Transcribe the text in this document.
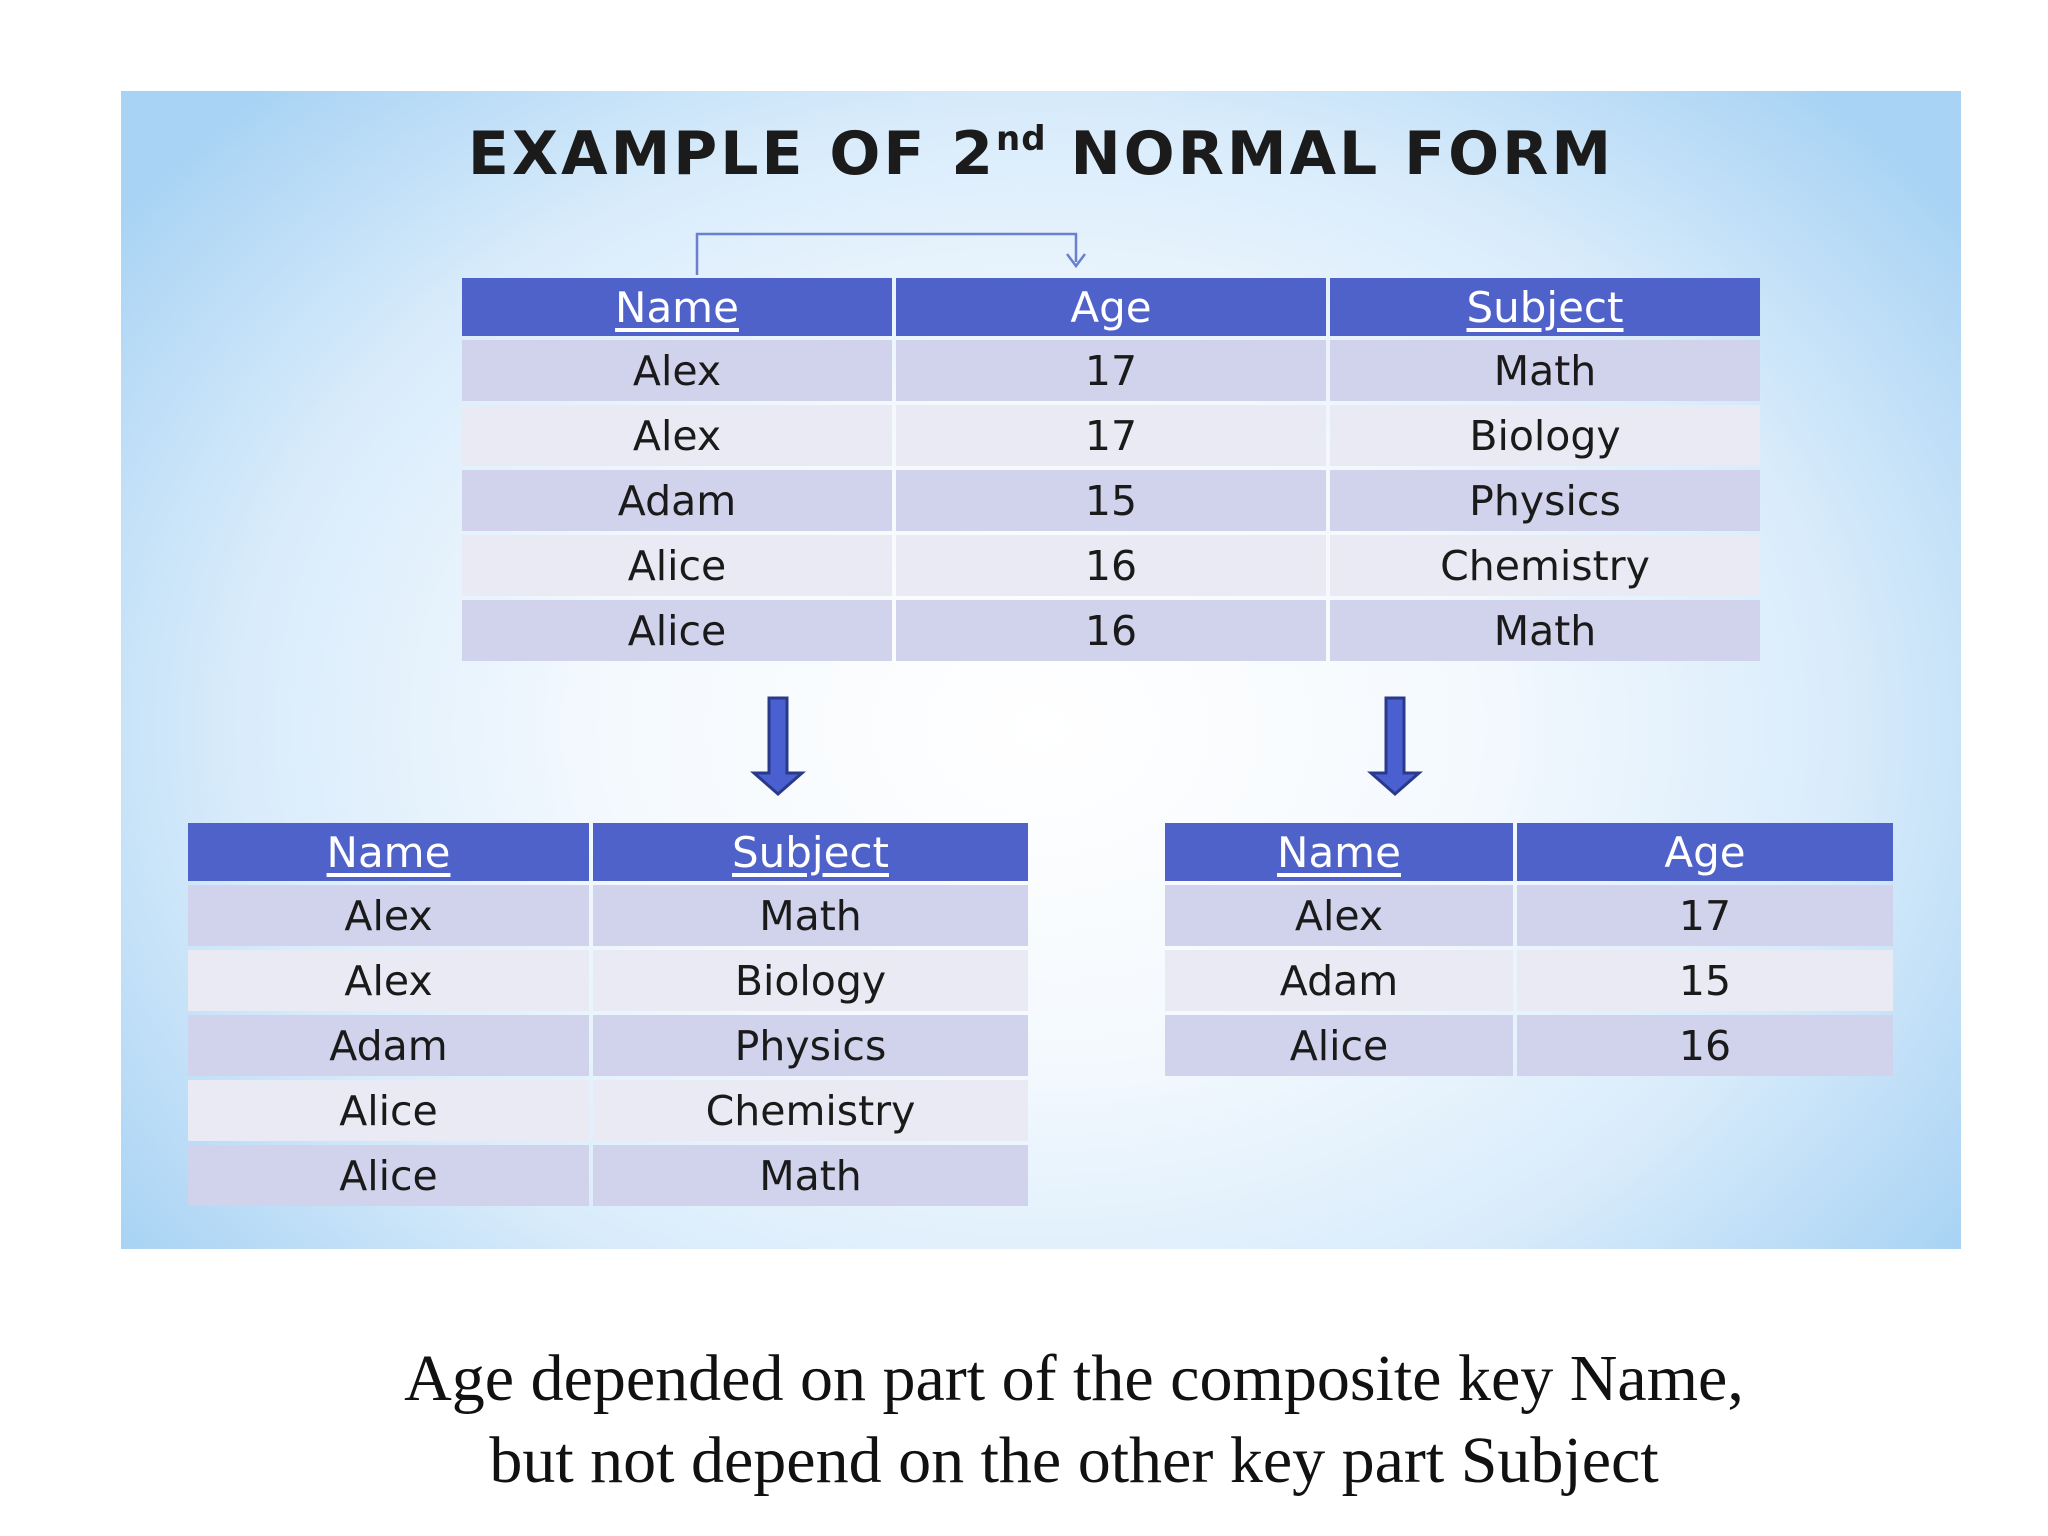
EXAMPLE OF 2nd NORMAL FORM
Name	Age	Subject
Alex	17	Math
Alex	17	Biology
Adam	15	Physics
Alice	16	Chemistry
Alice	16	Math
Name	Subject
Alex	Math
Alex	Biology
Adam	Physics
Alice	Chemistry
Alice	Math
Name	Age
Alex	17
Adam	15
Alice	16
Age depended on part of the composite key Name,
but not depend on the other key part Subject
